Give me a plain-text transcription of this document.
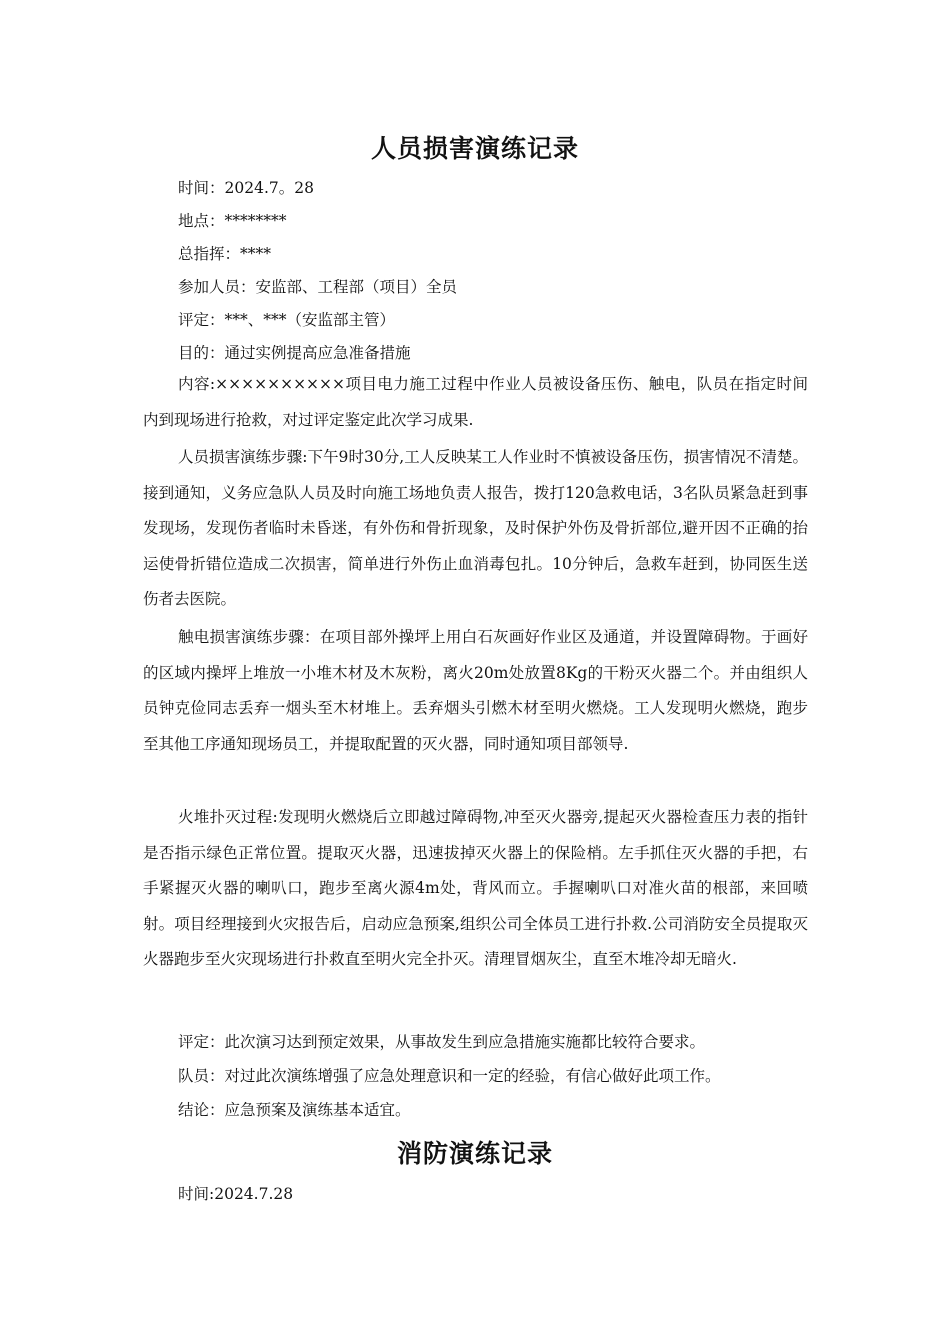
人员损害演练记录
时间：2024.7。28
地点：********
总指挥：****
参加人员：安监部、工程部（项目）全员
评定：***、***（安监部主管）
目的：通过实例提高应急准备措施
内容:××××××××××项目电力施工过程中作业人员被设备压伤、触电，队员在指定时间内到现场进行抢救，对过评定鉴定此次学习成果.
人员损害演练步骤:下午9时30分,工人反映某工人作业时不慎被设备压伤，损害情况不清楚。接到通知，义务应急队人员及时向施工场地负责人报告，拨打120急救电话，3名队员紧急赶到事发现场，发现伤者临时未昏迷，有外伤和骨折现象，及时保护外伤及骨折部位,避开因不正确的抬运使骨折错位造成二次损害，简单进行外伤止血消毒包扎。10分钟后，急救车赶到，协同医生送伤者去医院。
触电损害演练步骤：在项目部外操坪上用白石灰画好作业区及通道，并设置障碍物。于画好的区域内操坪上堆放一小堆木材及木灰粉，离火20m处放置8Kg的干粉灭火器二个。并由组织人员钟克俭同志丢弃一烟头至木材堆上。丢弃烟头引燃木材至明火燃烧。工人发现明火燃烧，跑步至其他工序通知现场员工，并提取配置的灭火器，同时通知项目部领导.
火堆扑灭过程:发现明火燃烧后立即越过障碍物,冲至灭火器旁,提起灭火器检查压力表的指针是否指示绿色正常位置。提取灭火器，迅速拔掉灭火器上的保险梢。左手抓住灭火器的手把，右手紧握灭火器的喇叭口，跑步至离火源4m处，背风而立。手握喇叭口对准火苗的根部，来回喷射。项目经理接到火灾报告后，启动应急预案,组织公司全体员工进行扑救.公司消防安全员提取灭火器跑步至火灾现场进行扑救直至明火完全扑灭。清理冒烟灰尘，直至木堆冷却无暗火.
评定：此次演习达到预定效果，从事故发生到应急措施实施都比较符合要求。
队员：对过此次演练增强了应急处理意识和一定的经验，有信心做好此项工作。
结论：应急预案及演练基本适宜。
消防演练记录
时间:2024.7.28
